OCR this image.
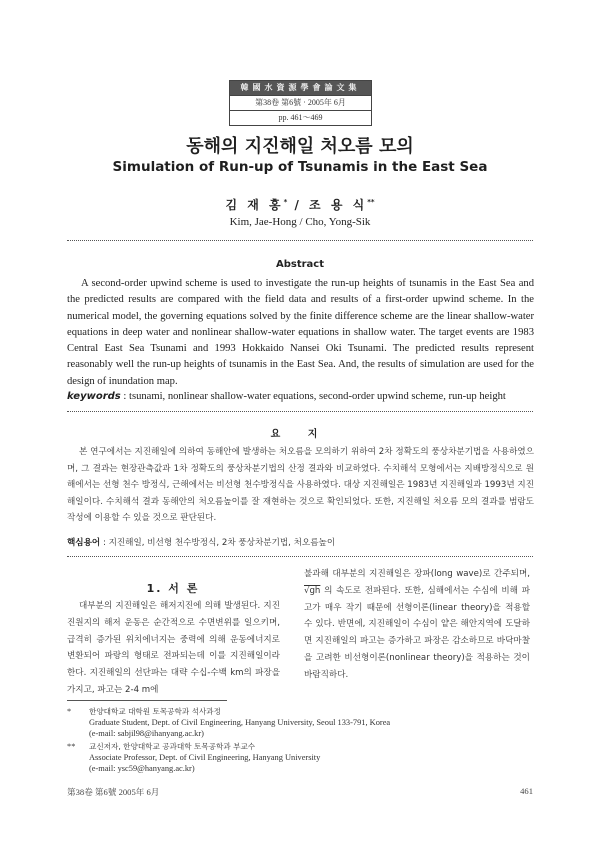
韓國水資源學會論文集
第38卷 第6號 · 2005年 6月
pp. 461～469
동해의 지진해일 처오름 모의
Simulation of Run-up of Tsunamis in the East Sea
김 재 홍* / 조 용 식**
Kim, Jae-Hong / Cho, Yong-Sik
Abstract
A second-order upwind scheme is used to investigate the run-up heights of tsunamis in the East Sea and the predicted results are compared with the field data and results of a first-order upwind scheme. In the numerical model, the governing equations solved by the finite difference scheme are the linear shallow-water equations in deep water and nonlinear shallow-water equations in shallow water. The target events are 1983 Central East Sea Tsunami and 1993 Hokkaido Nansei Oki Tsunami. The predicted results represent reasonably well the run-up heights of tsunamis in the East Sea. And, the results of simulation are used for the design of inundation map.
keywords : tsunami, nonlinear shallow-water equations, second-order upwind scheme, run-up height
요 지
본 연구에서는 지진해일에 의하여 동해안에 발생하는 처오름을 모의하기 위하여 2차 정확도의 풍상차분기법을 사용하였으며, 그 결과는 현장관측값과 1차 정확도의 풍상차분기법의 산정 결과와 비교하였다. 수치해석 모형에서는 지배방정식으로 원해에서는 선형 천수 방정식, 근해에서는 비선형 천수방정식을 사용하였다. 대상 지진해일은 1983년 지진해일과 1993년 지진해일이다. 수치해석 결과 동해안의 처오름높이를 잘 재현하는 것으로 확인되었다. 또한, 지진해일 처오름 모의 결과를 범람도 작성에 이용할 수 있을 것으로 판단된다.
핵심용어 : 지진해일, 비선형 천수방정식, 2차 풍상차분기법, 처오름높이
1. 서 론
대부분의 지진해일은 해저지진에 의해 발생된다. 지진 진원지의 해저 운동은 순간적으로 수면변위를 일으키며, 급격히 증가된 위치에너지는 중력에 의해 운동에너지로 변환되어 파랑의 형태로 전파되는데 이를 지진해일이라 한다. 지진해일의 선단파는 대략 수십-수백 km의 파장을 가지고, 파고는 2-4 m에
불과해 대부분의 지진해일은 장파(long wave)로 간주되며, √gh 의 속도로 전파된다. 또한, 심해에서는 수심에 비해 파고가 매우 작기 때문에 선형이론(linear theory)을 적용할 수 있다. 반면에, 지진해일이 수심이 얕은 해안지역에 도달하면 지진해일의 파고는 증가하고 파장은 감소하므로 바닥마찰을 고려한 비선형이론(nonlinear theory)을 적용하는 것이 바람직하다.
*	한양대학교 대학원 토목공학과 석사과정
Graduate Student, Dept. of Civil Engineering, Hanyang University, Seoul 133-791, Korea
(e-mail: sabjil98@ihanyang.ac.kr)
**	교신저자, 한양대학교 공과대학 토목공학과 부교수
Associate Professor, Dept. of Civil Engineering, Hanyang University
(e-mail: ysc59@hanyang.ac.kr)
第38卷 第6號 2005年 6月	461
